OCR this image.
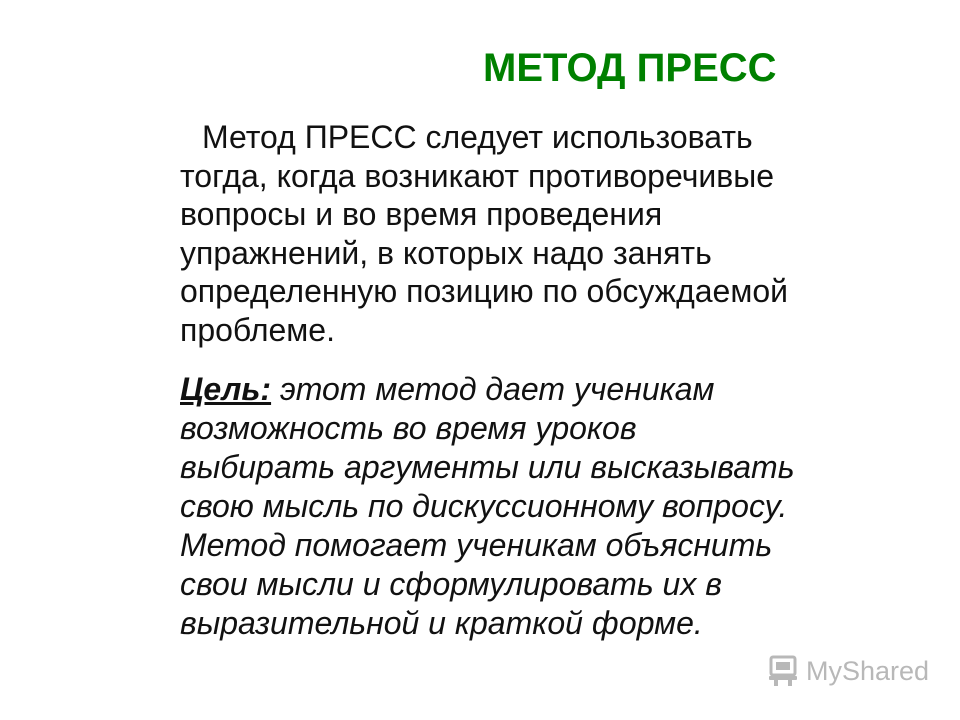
МЕТОД ПРЕСС
Метод ПРЕСС следует использовать
тогда, когда возникают противоречивые
вопросы и во время проведения
упражнений, в которых надо занять
определенную позицию по обсуждаемой
проблеме.
Цель: этот метод дает ученикам
возможность во время уроков
выбирать аргументы или высказывать
свою мысль по дискуссионному вопросу.
Метод помогает ученикам объяснить
свои мысли и сформулировать их в
выразительной и краткой форме.
MyShared
